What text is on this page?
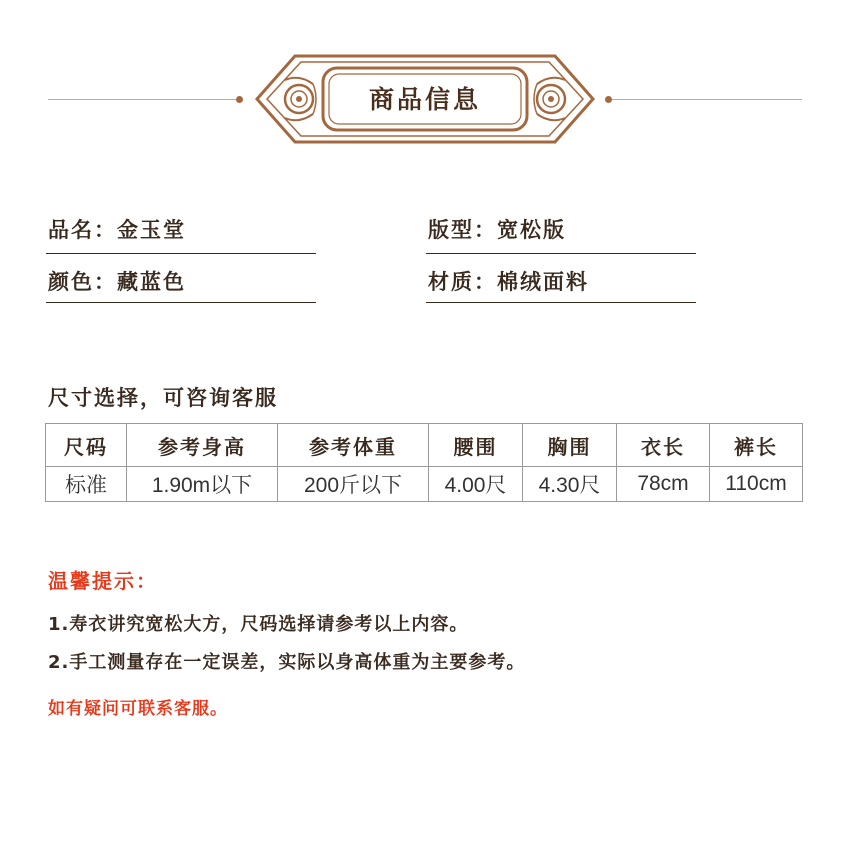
商品信息
品名：金玉堂	版型：宽松版
颜色：藏蓝色	材质：棉绒面料
尺寸选择，可咨询客服
尺码	参考身高	参考体重	腰围	胸围	衣长	裤长
标准	1.90m以下	200斤以下	4.00尺	4.30尺	78cm	110cm
温馨提示：
1.寿衣讲究宽松大方，尺码选择请参考以上内容。
2.手工测量存在一定误差，实际以身高体重为主要参考。
如有疑问可联系客服。
